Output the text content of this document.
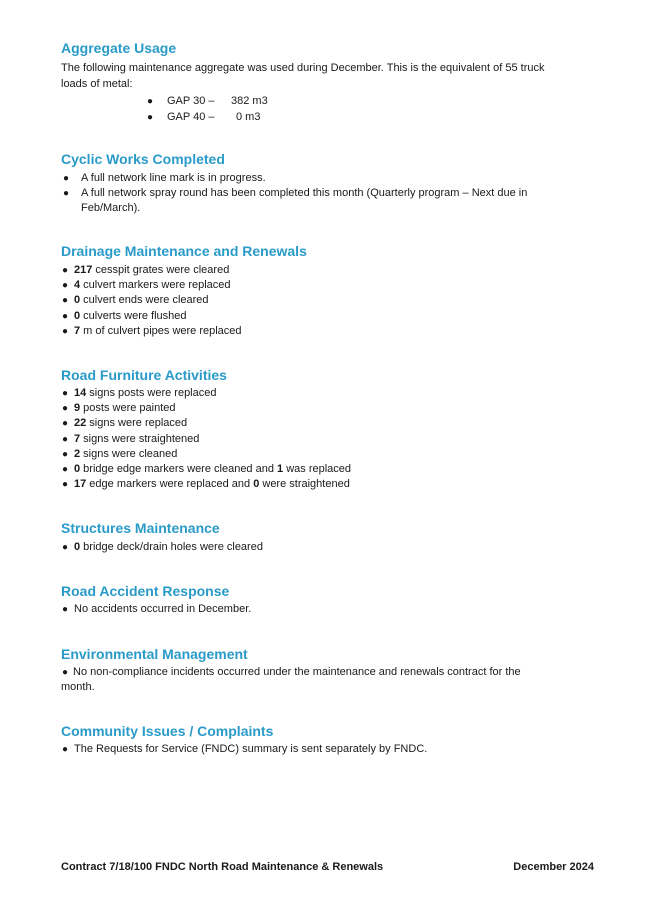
Aggregate Usage
The following maintenance aggregate was used during December. This is the equivalent of 55 truck loads of metal:
● GAP 30 – 382 m3
● GAP 40 – 0 m3
Cyclic Works Completed
● A full network line mark is in progress.
● A full network spray round has been completed this month (Quarterly program – Next due in Feb/March).
Drainage Maintenance and Renewals
● 217 cesspit grates were cleared
● 4 culvert markers were replaced
● 0 culvert ends were cleared
● 0 culverts were flushed
● 7 m of culvert pipes were replaced
Road Furniture Activities
● 14 signs posts were replaced
● 9 posts were painted
● 22 signs were replaced
● 7 signs were straightened
● 2 signs were cleaned
● 0 bridge edge markers were cleaned and 1 was replaced
● 17 edge markers were replaced and 0 were straightened
Structures Maintenance
● 0 bridge deck/drain holes were cleared
Road Accident Response
● No accidents occurred in December.
Environmental Management
● No non-compliance incidents occurred under the maintenance and renewals contract for the month.
Community Issues / Complaints
● The Requests for Service (FNDC) summary is sent separately by FNDC.
Contract 7/18/100 FNDC North Road Maintenance & Renewals	December 2024
